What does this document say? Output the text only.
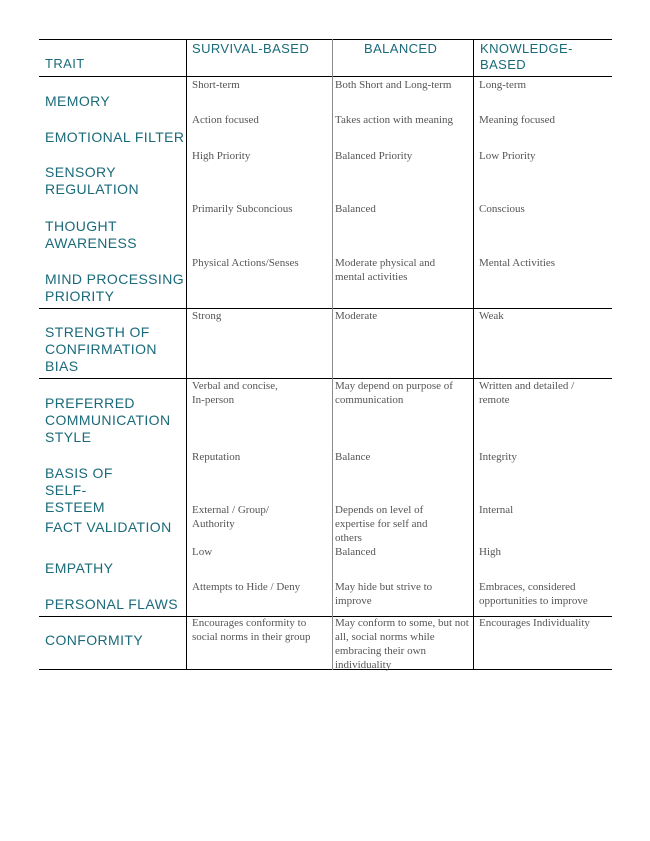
TRAIT
SURVIVAL-BASED	BALANCED	KNOWLEDGE-BASED
MEMORY
EMOTIONAL FILTER
SENSORY REGULATION
THOUGHT AWARENESS
MIND PROCESSING PRIORITY
STRENGTH OF CONFIRMATION BIAS
PREFERRED COMMUNICATION STYLE
BASIS OF SELF-ESTEEM
FACT VALIDATION
EMPATHY
PERSONAL FLAWS
CONFORMITY
Short-term
Action focused
High Priority
Primarily Subconcious
Physical Actions/Senses
Strong
Verbal and concise, In-person
Reputation
External / Group/ Authority
Low
Attempts to Hide / Deny
Encourages conformity to social norms in their group
Both Short and Long-term
Takes action with meaning
Balanced Priority
Balanced
Moderate physical and mental activities
Moderate
May depend on purpose of communication
Balance
Depends on level of expertise for self and others
Balanced
May hide but strive to improve
May conform to some, but not all, social norms while embracing their own individuality
Long-term
Meaning focused
Low Priority
Conscious
Mental Activities
Weak
Written and detailed / remote
Integrity
Internal
High
Embraces, considered opportunities to improve
Encourages Individuality
